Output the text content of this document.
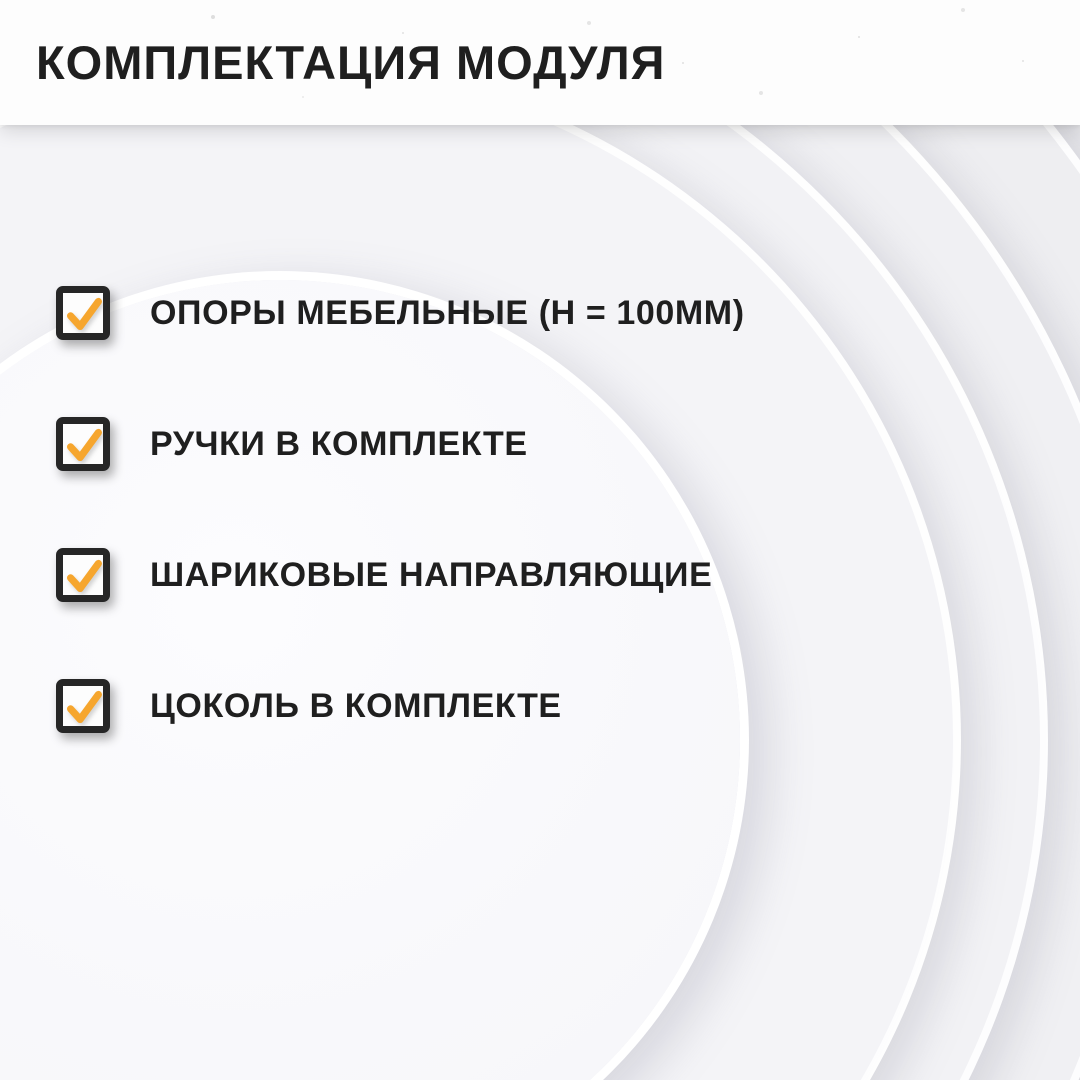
КОМПЛЕКТАЦИЯ МОДУЛЯ
ОПОРЫ МЕБЕЛЬНЫЕ (Н = 100ММ)
РУЧКИ В КОМПЛЕКТЕ
ШАРИКОВЫЕ НАПРАВЛЯЮЩИЕ
ЦОКОЛЬ В КОМПЛЕКТЕ
